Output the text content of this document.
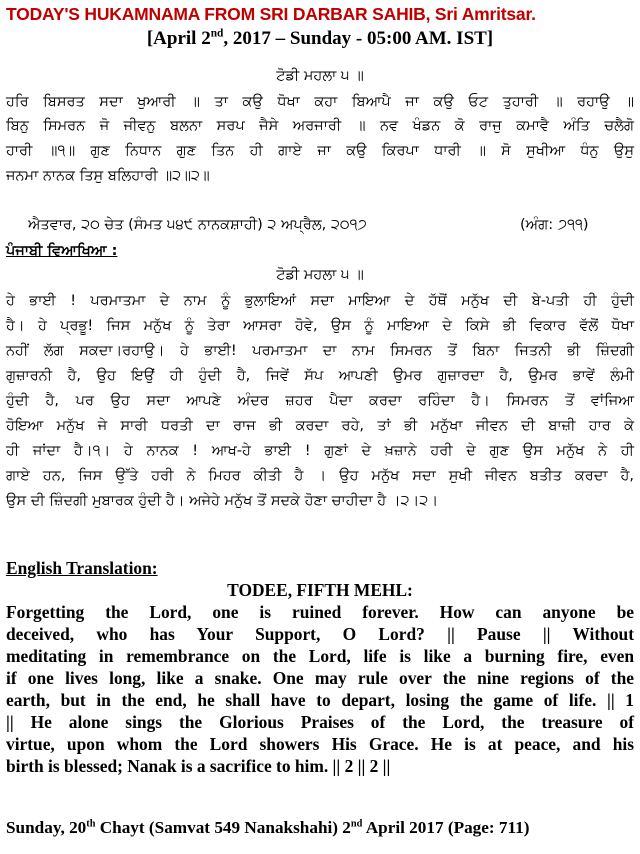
TODAY'S HUKAMNAMA FROM SRI DARBAR SAHIB, Sri Amritsar.
[April 2nd, 2017 – Sunday - 05:00 AM. IST]
ਟੋਡੀ ਮਹਲਾ ੫ ॥
ਹਰਿ ਬਿਸਰਤ ਸਦਾ ਖੁਆਰੀ ॥ ਤਾ ਕਉ ਧੋਖਾ ਕਹਾ ਬਿਆਪੈ ਜਾ ਕਉ ਓਟ ਤੁਹਾਰੀ ॥ ਰਹਾਉ ॥
ਬਿਨੁ ਸਿਮਰਨ ਜੋ ਜੀਵਨੁ ਬਲਨਾ ਸਰਪ ਜੈਸੇ ਅਰਜਾਰੀ ॥ ਨਵ ਖੰਡਨ ਕੋ ਰਾਜੁ ਕਮਾਵੈ ਅੰਤਿ ਚਲੈਗੋ
ਹਾਰੀ ॥੧॥ ਗੁਣ ਨਿਧਾਨ ਗੁਣ ਤਿਨ ਹੀ ਗਾਏ ਜਾ ਕਉ ਕਿਰਪਾ ਧਾਰੀ ॥ ਸੋ ਸੁਖੀਆ ਧੰਨੁ ਉਸੁ
ਜਨਮਾ ਨਾਨਕ ਤਿਸੁ ਬਲਿਹਾਰੀ ॥੨॥੨॥
ਐਤਵਾਰ, ੨੦ ਚੇਤ (ਸੰਮਤ ੫੪੯ ਨਾਨਕਸ਼ਾਹੀ) ੨ ਅਪ੍ਰੈਲ, ੨੦੧੭	(ਅੰਗ: ੭੧੧)
ਪੰਜਾਬੀ ਵਿਆਖਿਆ :
ਟੋਡੀ ਮਹਲਾ ੫ ॥
ਹੇ ਭਾਈ ! ਪਰਮਾਤਮਾ ਦੇ ਨਾਮ ਨੂੰ ਭੁਲਾਇਆਂ ਸਦਾ ਮਾਇਆ ਦੇ ਹੱਥੋਂ ਮਨੁੱਖ ਦੀ ਬੇ-ਪਤੀ ਹੀ ਹੁੰਦੀ
ਹੈ। ਹੇ ਪ੍ਰਭੂ! ਜਿਸ ਮਨੁੱਖ ਨੂੰ ਤੇਰਾ ਆਸਰਾ ਹੋਵੇ, ਉਸ ਨੂੰ ਮਾਇਆ ਦੇ ਕਿਸੇ ਭੀ ਵਿਕਾਰ ਵੱਲੋਂ ਧੋਖਾ
ਨਹੀਂ ਲੱਗ ਸਕਦਾ।ਰਹਾਉ। ਹੇ ਭਾਈ! ਪਰਮਾਤਮਾ ਦਾ ਨਾਮ ਸਿਮਰਨ ਤੋਂ ਬਿਨਾ ਜਿਤਨੀ ਭੀ ਜ਼ਿੰਦਗੀ
ਗੁਜ਼ਾਰਨੀ ਹੈ, ਉਹ ਇਉਂ ਹੀ ਹੁੰਦੀ ਹੈ, ਜਿਵੇਂ ਸੱਪ ਆਪਣੀ ਉਮਰ ਗੁਜ਼ਾਰਦਾ ਹੈ, ਉਮਰ ਭਾਵੇਂ ਲੰਮੀ
ਹੁੰਦੀ ਹੈ, ਪਰ ਉਹ ਸਦਾ ਆਪਣੇ ਅੰਦਰ ਜ਼ਹਰ ਪੈਦਾ ਕਰਦਾ ਰਹਿੰਦਾ ਹੈ। ਸਿਮਰਨ ਤੋਂ ਵਾਂਜਿਆ
ਹੋਇਆ ਮਨੁੱਖ ਜੇ ਸਾਰੀ ਧਰਤੀ ਦਾ ਰਾਜ ਭੀ ਕਰਦਾ ਰਹੇ, ਤਾਂ ਭੀ ਮਨੁੱਖਾ ਜੀਵਨ ਦੀ ਬਾਜ਼ੀ ਹਾਰ ਕੇ
ਹੀ ਜਾਂਦਾ ਹੈ।੧। ਹੇ ਨਾਨਕ ! ਆਖ-ਹੇ ਭਾਈ ! ਗੁਣਾਂ ਦੇ ਖ਼ਜ਼ਾਨੇ ਹਰੀ ਦੇ ਗੁਣ ਉਸ ਮਨੁੱਖ ਨੇ ਹੀ
ਗਾਏ ਹਨ, ਜਿਸ ਉੱਤੇ ਹਰੀ ਨੇ ਮਿਹਰ ਕੀਤੀ ਹੈ । ਉਹ ਮਨੁੱਖ ਸਦਾ ਸੁਖੀ ਜੀਵਨ ਬਤੀਤ ਕਰਦਾ ਹੈ,
ਉਸ ਦੀ ਜ਼ਿੰਦਗੀ ਮੁਬਾਰਕ ਹੁੰਦੀ ਹੈ। ਅਜੇਹੇ ਮਨੁੱਖ ਤੋਂ ਸਦਕੇ ਹੋਣਾ ਚਾਹੀਦਾ ਹੈ ।੨।੨।
English Translation:
TODEE, FIFTH MEHL:
Forgetting the Lord, one is ruined forever. How can anyone be
deceived, who has Your Support, O Lord? || Pause || Without
meditating in remembrance on the Lord, life is like a burning fire, even
if one lives long, like a snake. One may rule over the nine regions of the
earth, but in the end, he shall have to depart, losing the game of life. || 1
|| He alone sings the Glorious Praises of the Lord, the treasure of
virtue, upon whom the Lord showers His Grace. He is at peace, and his
birth is blessed; Nanak is a sacrifice to him. || 2 || 2 ||
Sunday, 20th Chayt (Samvat 549 Nanakshahi) 2nd April 2017 (Page: 711)
